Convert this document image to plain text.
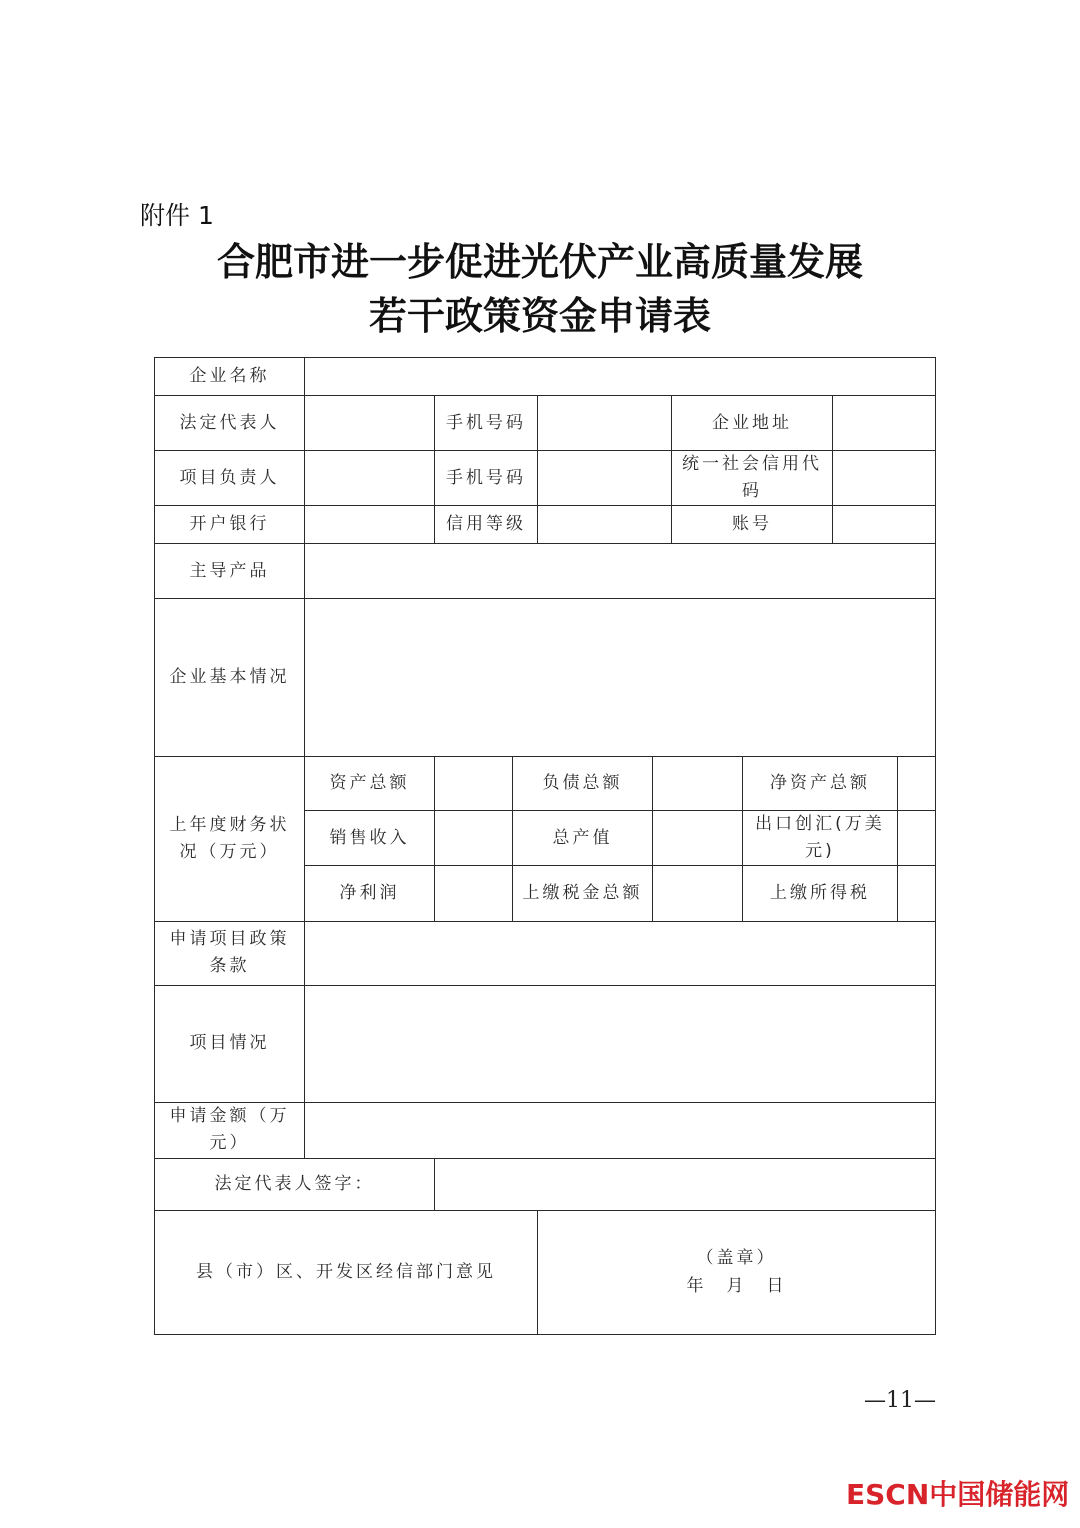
附件 1
合肥市进一步促进光伏产业高质量发展
若干政策资金申请表
企业名称									
法定代表人		手机号码				企业地址			
项目负责人		手机号码				统一社会信用代码			
开户银行		信用等级				账号			
主导产品									
企业基本情况									
上年度财务状况（万元）	资产总额		负债总额				净资产总额		
	销售收入		总产值				出口创汇(万美元)		
	净利润		上缴税金总额				上缴所得税		
申请项目政策条款									
项目情况									
申请金额（万元）									
法定代表人签字：									
县（市）区、开发区经信部门意见				（盖章）
年　月　日					
—11—
ESCN中国储能网
